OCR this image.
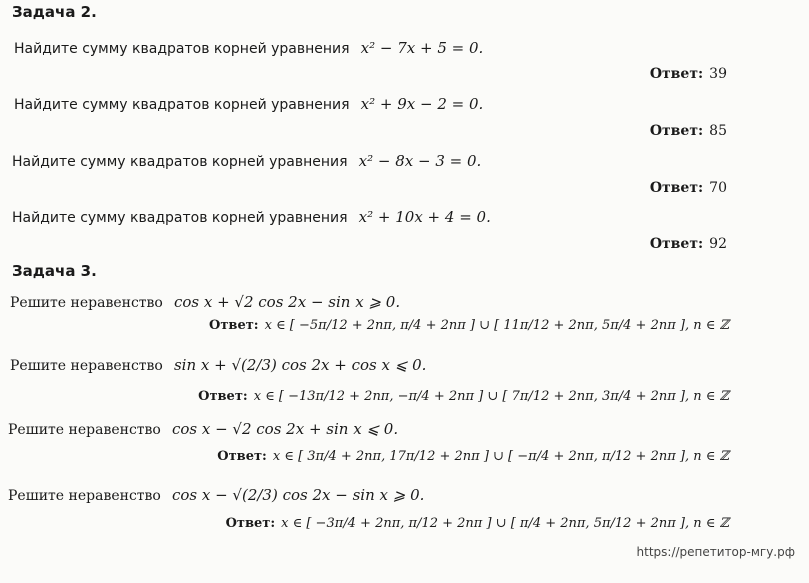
Задача 2.
Найдите сумму квадратов корней уравнения x² − 7x + 5 = 0.
Ответ: 39
Найдите сумму квадратов корней уравнения x² + 9x − 2 = 0.
Ответ: 85
Найдите сумму квадратов корней уравнения x² − 8x − 3 = 0.
Ответ: 70
Найдите сумму квадратов корней уравнения x² + 10x + 4 = 0.
Ответ: 92
Задача 3.
Решите неравенство cos x + √2 cos 2x − sin x ⩾ 0.
Ответ: x ∈ [ −5π/12 + 2nπ, π/4 + 2nπ ] ∪ [ 11π/12 + 2nπ, 5π/4 + 2nπ ], n ∈ ℤ
Решите неравенство sin x + √(2/3) cos 2x + cos x ⩽ 0.
Ответ: x ∈ [ −13π/12 + 2nπ, −π/4 + 2nπ ] ∪ [ 7π/12 + 2nπ, 3π/4 + 2nπ ], n ∈ ℤ
Решите неравенство cos x − √2 cos 2x + sin x ⩽ 0.
Ответ: x ∈ [ 3π/4 + 2nπ, 17π/12 + 2nπ ] ∪ [ −π/4 + 2nπ, π/12 + 2nπ ], n ∈ ℤ
Решите неравенство cos x − √(2/3) cos 2x − sin x ⩾ 0.
Ответ: x ∈ [ −3π/4 + 2nπ, π/12 + 2nπ ] ∪ [ π/4 + 2nπ, 5π/12 + 2nπ ], n ∈ ℤ
https://репетитор-мгу.рф
